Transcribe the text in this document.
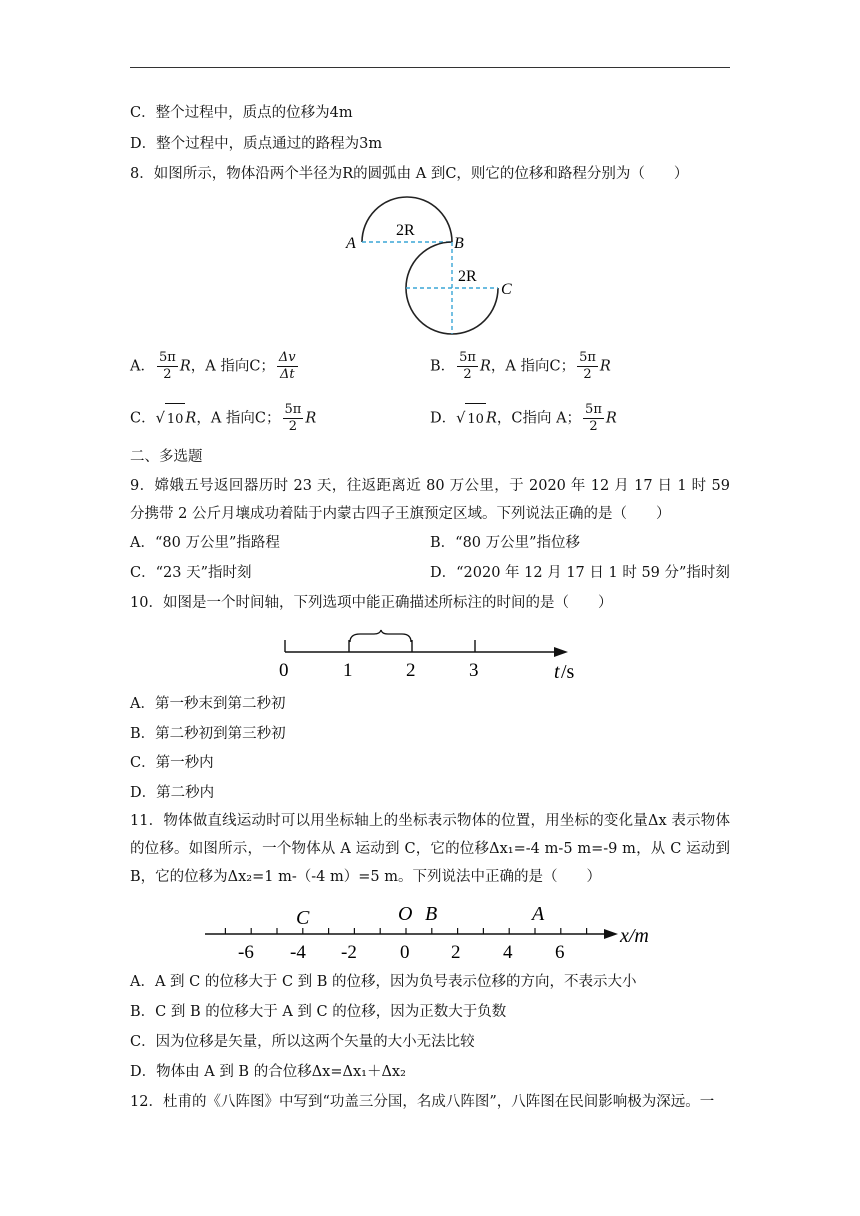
C．整个过程中，质点的位移为4m
D．整个过程中，质点通过的路程为3m
8．如图所示，物体沿两个半径为R的圆弧由 A 到C，则它的位移和路程分别为（　　）
A	B
C
2R
2R
A． $\frac{5\pi}{2}$ R，A 指向C； $\frac{\Delta v}{\Delta t}$	B． $\frac{5\pi}{2}$ R，A 指向C； $\frac{5\pi}{2}$ R
C．√ 10 R，A 指向C； $\frac{5\pi}{2}$ R	D．√ 10 R，C指向 A； $\frac{5\pi}{2}$ R
二、多选题
9．嫦娥五号返回器历时 23 天，往返距离近 80 万公里，于 2020 年 12 月 17 日 1 时 59 分携带 2 公斤月壤成功着陆于内蒙古四子王旗预定区域。下列说法正确的是（　　）
A．“80 万公里”指路程	B．“80 万公里”指位移
C．“23 天”指时刻	D．“2020 年 12 月 17 日 1 时 59 分”指时刻
10．如图是一个时间轴，下列选项中能正确描述所标注的时间的是（　　）
0	1	2	3	t /s
A．第一秒末到第二秒初
B．第二秒初到第三秒初
C．第一秒内
D．第二秒内
11．物体做直线运动时可以用坐标轴上的坐标表示物体的位置，用坐标的变化量Δx 表示物体的位移。如图所示，一个物体从 A 运动到 C，它的位移Δx₁=-4 m-5 m=-9 m，从 C 运动到 B，它的位移为Δx₂=1 m-（-4 m）=5 m。下列说法中正确的是（　　）
C	O B	A
-6 -4 -2 0 2 4 6
x/m
A．A 到 C 的位移大于 C 到 B 的位移，因为负号表示位移的方向，不表示大小
B．C 到 B 的位移大于 A 到 C 的位移，因为正数大于负数
C．因为位移是矢量，所以这两个矢量的大小无法比较
D．物体由 A 到 B 的合位移Δx=Δx₁＋Δx₂
12．杜甫的《八阵图》中写到“功盖三分国，名成八阵图”，八阵图在民间影响极为深远。一
